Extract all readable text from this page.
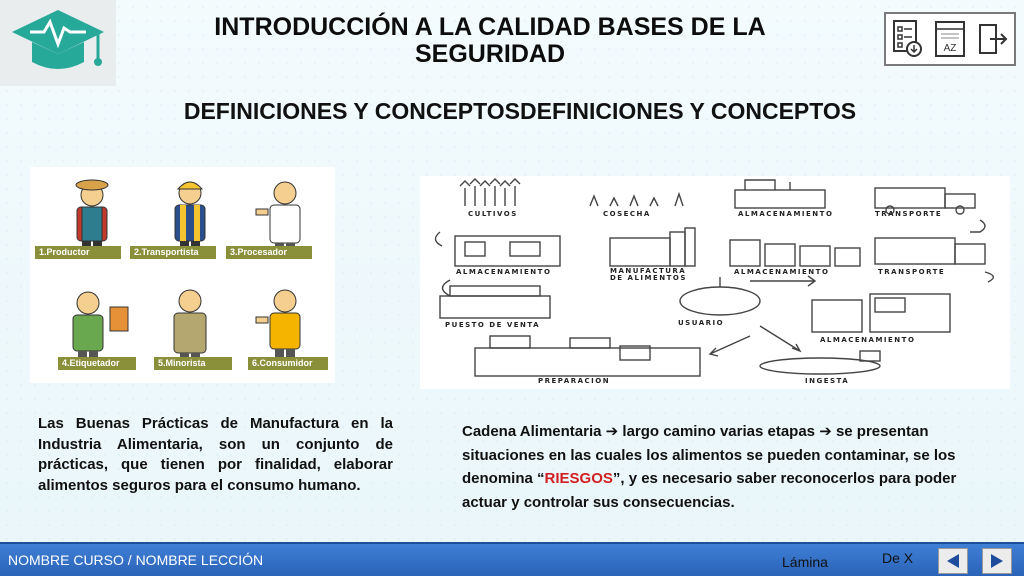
INTRODUCCIÓN A LA CALIDAD BASES DE LA SEGURIDAD
DEFINICIONES Y CONCEPTOSDEFINICIONES Y CONCEPTOS
AZ
1.Productor	2.Transportista	3.Procesador
4.Etiquetador	5.Minorista	6.Consumidor
CULTIVOS	COSECHA	ALMACENAMIENTO	TRANSPORTE
ALMACENAMIENTO	MANUFACTURA DE ALIMENTOS
ALMACENAMIENTO	TRANSPORTE
PUESTO DE VENTA	USUARIO
ALMACENAMIENTO
PREPARACION	INGESTA

Las Buenas Prácticas de Manufactura en la Industria Alimentaria, son un conjunto de prácticas, que tienen por finalidad, elaborar alimentos seguros para el consumo humano.

Cadena Alimentaria ➔ largo camino varias etapas ➔ se presentan situaciones en las cuales los alimentos se pueden contaminar, se los denomina “RIESGOS”, y es necesario saber reconocerlos para poder actuar y controlar sus consecuencias.

NOMBRE CURSO / NOMBRE LECCIÓN	Lámina	De X
